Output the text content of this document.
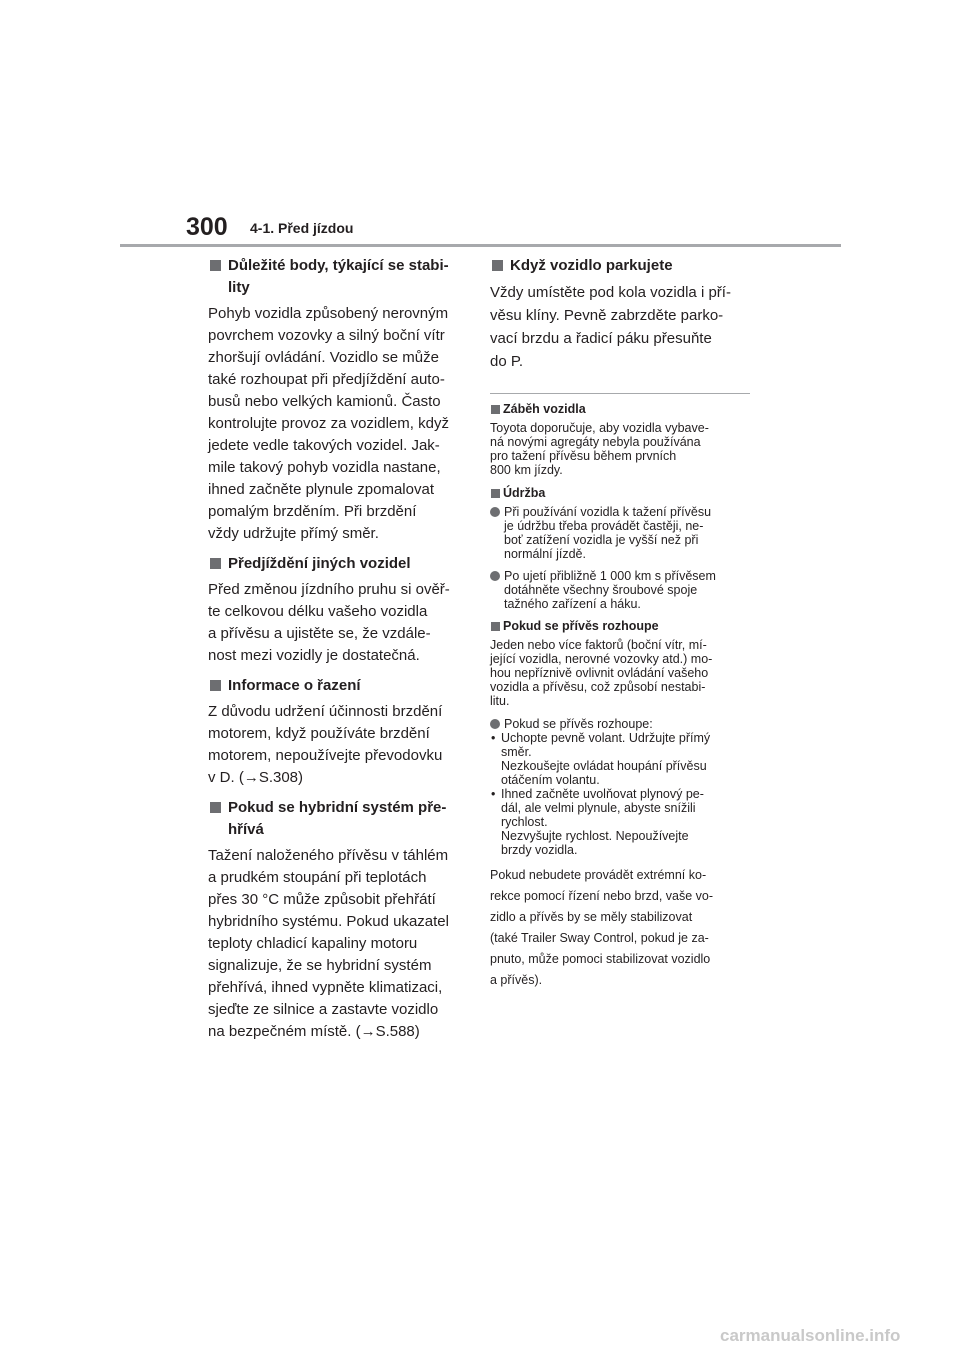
300 4-1. Před jízdou
Důležité body, týkající se stabi-
lity
Pohyb vozidla způsobený nerovným
povrchem vozovky a silný boční vítr
zhoršují ovládání. Vozidlo se může
také rozhoupat při předjíždění auto-
busů nebo velkých kamionů. Často
kontrolujte provoz za vozidlem, když
jedete vedle takových vozidel. Jak-
mile takový pohyb vozidla nastane,
ihned začněte plynule zpomalovat
pomalým brzděním. Při brzdění
vždy udržujte přímý směr.
Předjíždění jiných vozidel
Před změnou jízdního pruhu si ověř-
te celkovou délku vašeho vozidla
a přívěsu a ujistěte se, že vzdále-
nost mezi vozidly je dostatečná.
Informace o řazení
Z důvodu udržení účinnosti brzdění
motorem, když používáte brzdění
motorem, nepoužívejte převodovku
v D. (→S.308)
Pokud se hybridní systém pře-
hřívá
Tažení naloženého přívěsu v táhlém
a prudkém stoupání při teplotách
přes 30 °C může způsobit přehřátí
hybridního systému. Pokud ukazatel
teploty chladicí kapaliny motoru
signalizuje, že se hybridní systém
přehřívá, ihned vypněte klimatizaci,
sjeďte ze silnice a zastavte vozidlo
na bezpečném místě. (→S.588)
Když vozidlo parkujete
Vždy umístěte pod kola vozidla i pří-
věsu klíny. Pevně zabrzděte parko-
vací brzdu a řadicí páku přesuňte
do P.
Záběh vozidla
Toyota doporučuje, aby vozidla vybave-
ná novými agregáty nebyla používána
pro tažení přívěsu během prvních
800 km jízdy.
Údržba
Při používání vozidla k tažení přívěsu
je údržbu třeba provádět častěji, ne-
boť zatížení vozidla je vyšší než při
normální jízdě.
Po ujetí přibližně 1 000 km s přívěsem
dotáhněte všechny šroubové spoje
tažného zařízení a háku.
Pokud se přívěs rozhoupe
Jeden nebo více faktorů (boční vítr, mí-
jející vozidla, nerovné vozovky atd.) mo-
hou nepříznivě ovlivnit ovládání vašeho
vozidla a přívěsu, což způsobí nestabi-
litu.
Pokud se přívěs rozhoupe:
• Uchopte pevně volant. Udržujte přímý
směr.
Nezkoušejte ovládat houpání přívěsu
otáčením volantu.
• Ihned začněte uvolňovat plynový pe-
dál, ale velmi plynule, abyste snížili
rychlost.
Nezvyšujte rychlost. Nepoužívejte
brzdy vozidla.
Pokud nebudete provádět extrémní ko-
rekce pomocí řízení nebo brzd, vaše vo-
zidlo a přívěs by se měly stabilizovat
(také Trailer Sway Control, pokud je za-
pnuto, může pomoci stabilizovat vozidlo
a přívěs).
carmanualsonline.info
